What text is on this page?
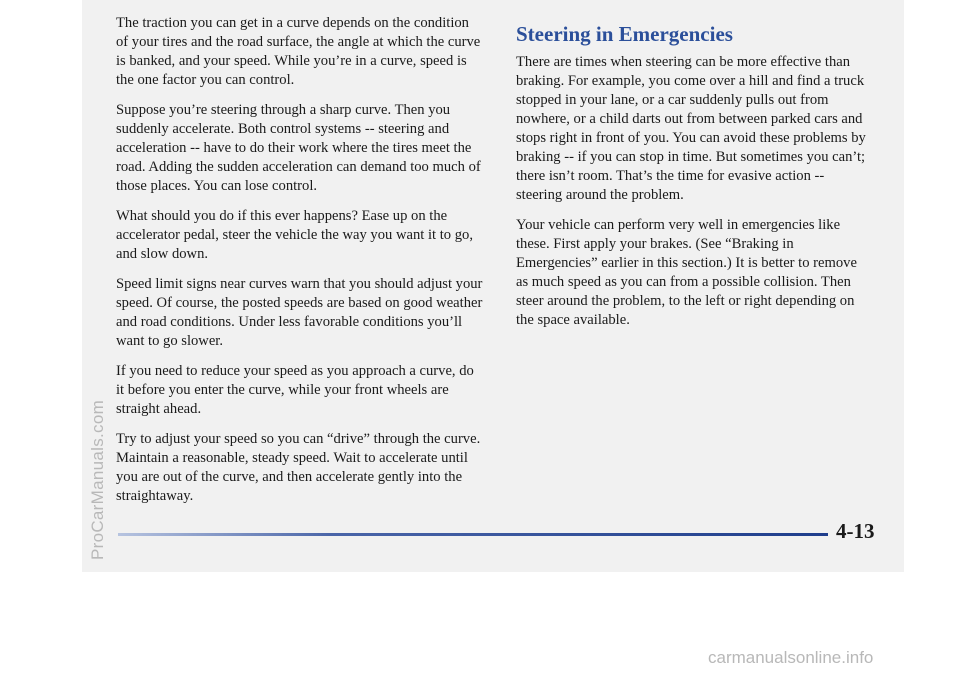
The traction you can get in a curve depends on the condition of your tires and the road surface, the angle at which the curve is banked, and your speed. While you’re in a curve, speed is the one factor you can control.

Suppose you’re steering through a sharp curve. Then you suddenly accelerate. Both control systems -- steering and acceleration -- have to do their work where the tires meet the road. Adding the sudden acceleration can demand too much of those places. You can lose control.

What should you do if this ever happens? Ease up on the accelerator pedal, steer the vehicle the way you want it to go, and slow down.

Speed limit signs near curves warn that you should adjust your speed. Of course, the posted speeds are based on good weather and road conditions. Under less favorable conditions you’ll want to go slower.

If you need to reduce your speed as you approach a curve, do it before you enter the curve, while your front wheels are straight ahead.

Try to adjust your speed so you can “drive” through the curve. Maintain a reasonable, steady speed. Wait to accelerate until you are out of the curve, and then accelerate gently into the straightaway.

Steering in Emergencies

There are times when steering can be more effective than braking. For example, you come over a hill and find a truck stopped in your lane, or a car suddenly pulls out from nowhere, or a child darts out from between parked cars and stops right in front of you. You can avoid these problems by braking -- if you can stop in time. But sometimes you can’t; there isn’t room. That’s the time for evasive action -- steering around the problem.

Your vehicle can perform very well in emergencies like these. First apply your brakes. (See “Braking in Emergencies” earlier in this section.) It is better to remove as much speed as you can from a possible collision. Then steer around the problem, to the left or right depending on the space available.

4-13
ProCarManuals.com
carmanualsonline.info
